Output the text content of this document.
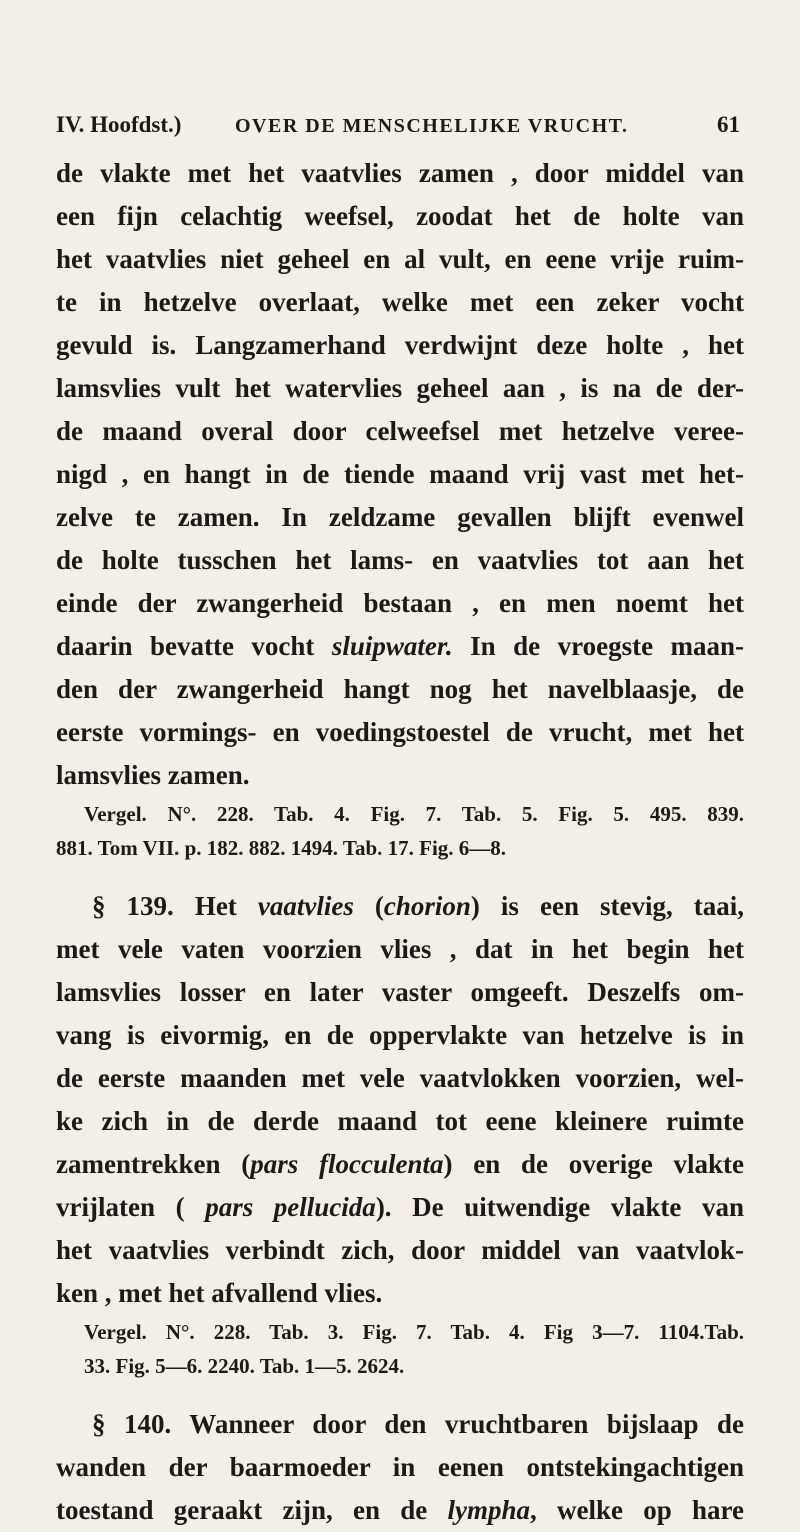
IV. Hoofdst.)	OVER DE MENSCHELIJKE VRUCHT.	61
de vlakte met het vaatvlies zamen , door middel van
een fijn celachtig weefsel, zoodat het de holte van
het vaatvlies niet geheel en al vult, en eene vrije ruim-
te in hetzelve overlaat, welke met een zeker vocht
gevuld is. Langzamerhand verdwijnt deze holte , het
lamsvlies vult het watervlies geheel aan , is na de der-
de maand overal door celweefsel met hetzelve veree-
nigd , en hangt in de tiende maand vrij vast met het-
zelve te zamen. In zeldzame gevallen blijft evenwel
de holte tusschen het lams- en vaatvlies tot aan het
einde der zwangerheid bestaan , en men noemt het
daarin bevatte vocht sluipwater. In de vroegste maan-
den der zwangerheid hangt nog het navelblaasje, de
eerste vormings- en voedingstoestel de vrucht, met het
lamsvlies zamen.
Vergel. N°. 228. Tab. 4. Fig. 7. Tab. 5. Fig. 5. 495. 839.
881. Tom VII. p. 182. 882. 1494. Tab. 17. Fig. 6—8.
§ 139. Het vaatvlies (chorion) is een stevig, taai,
met vele vaten voorzien vlies , dat in het begin het
lamsvlies losser en later vaster omgeeft. Deszelfs om-
vang is eivormig, en de oppervlakte van hetzelve is in
de eerste maanden met vele vaatvlokken voorzien, wel-
ke zich in de derde maand tot eene kleinere ruimte
zamentrekken (pars flocculenta) en de overige vlakte
vrijlaten ( pars pellucida). De uitwendige vlakte van
het vaatvlies verbindt zich, door middel van vaatvlok-
ken , met het afvallend vlies.
Vergel. N°. 228. Tab. 3. Fig. 7. Tab. 4. Fig 3—7. 1104.Tab.
33. Fig. 5—6. 2240. Tab. 1—5. 2624.
§ 140. Wanneer door den vruchtbaren bijslaap de
wanden der baarmoeder in eenen ontstekingachtigen
toestand geraakt zijn, en de lympha, welke op hare
